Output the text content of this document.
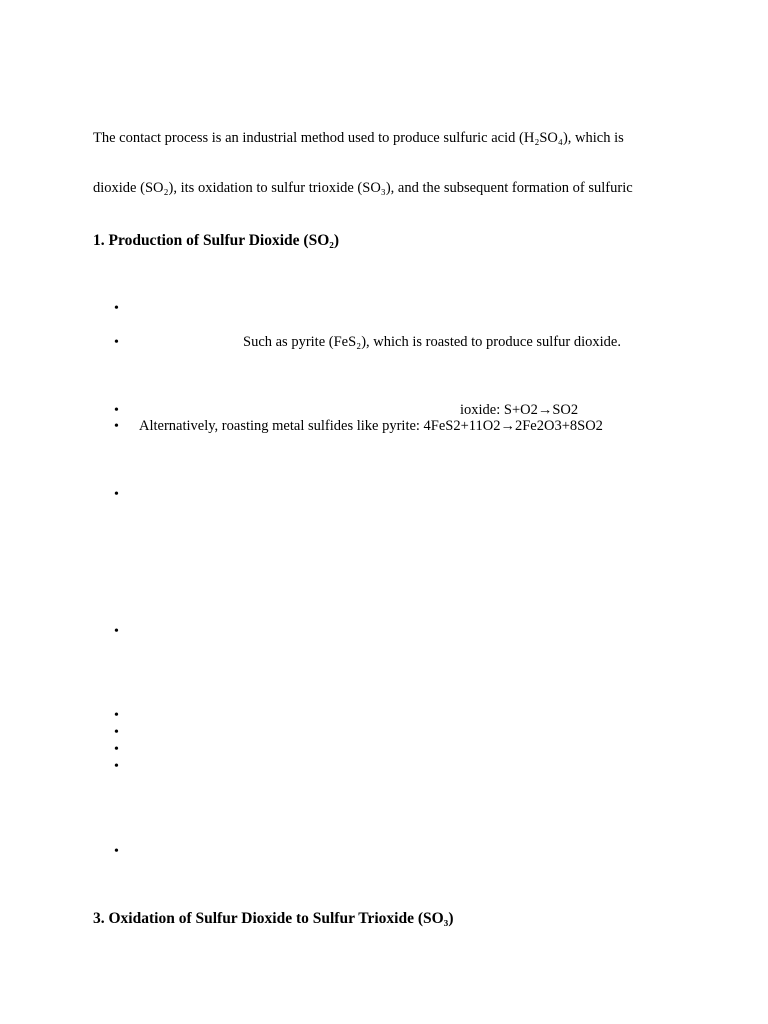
The contact process is an industrial method used to produce sulfuric acid (H₂SO₄), which is

dioxide (SO₂), its oxidation to sulfur trioxide (SO₃), and the subsequent formation of sulfuric

1. Production of Sulfur Dioxide (SO₂)
•
•	Such as pyrite (FeS₂), which is roasted to produce sulfur dioxide.
•	ioxide: S+O2→SO2
• Alternatively, roasting metal sulfides like pyrite: 4FeS2+11O2→2Fe2O3+8SO2
•
•
•
•
•
•
•
3. Oxidation of Sulfur Dioxide to Sulfur Trioxide (SO₃)
